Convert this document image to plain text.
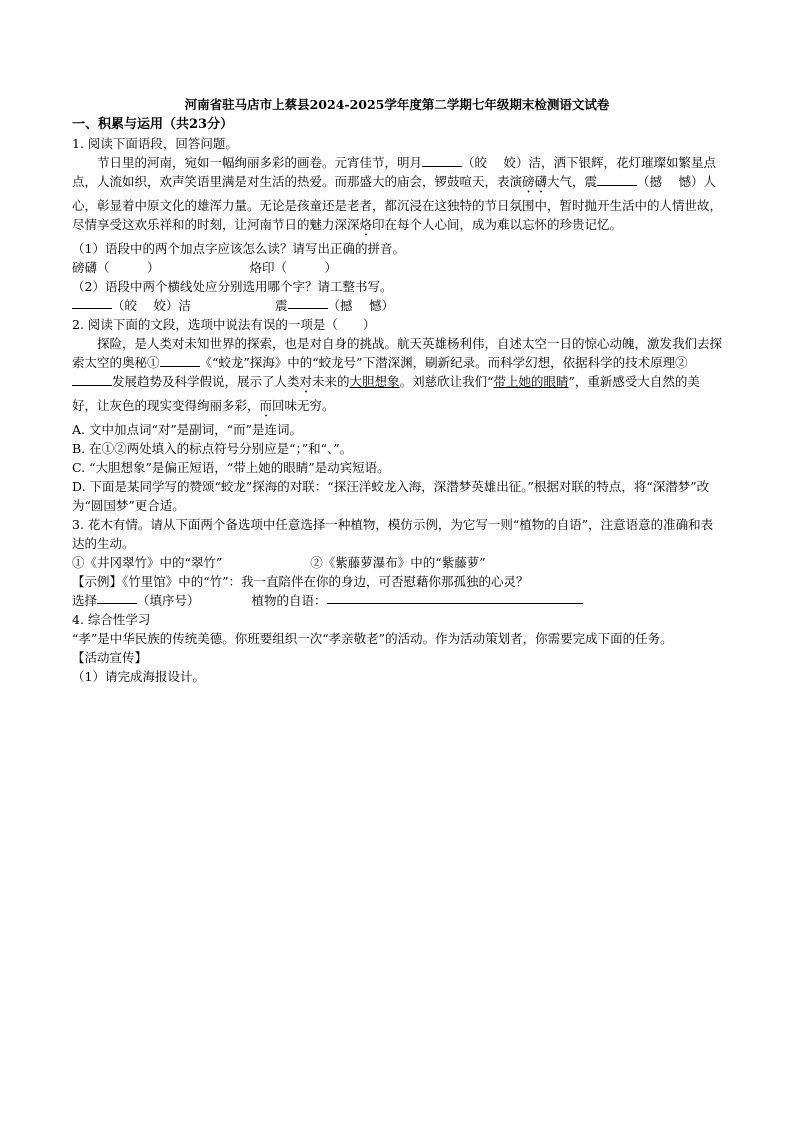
河南省驻马店市上蔡县2024-2025学年度第二学期七年级期末检测语文试卷
一、积累与运用（共23分）

1. 阅读下面语段，回答问题。

节日里的河南，宛如一幅绚丽多彩的画卷。元宵佳节，明月	（皎　 姣）洁，洒下银辉，花灯璀璨如繁星点点，人流如织，欢声笑语里满是对生活的热爱。而那盛大的庙会，锣鼓喧天，表演磅礴大气，震	（撼　 憾）人心，彰显着中原文化的雄浑力量。无论是孩童还是老者，都沉浸在这独特的节日氛围中，暂时抛开生活中的人情世故，尽情享受这欢乐祥和的时刻，让河南节日的魅力深深烙印在每个人心间，成为难以忘怀的珍贵记忆。

（1）语段中的两个加点字应该怎么读？请写出正确的拼音。

磅礴（　　　）	烙印（　　　）

（2）语段中两个横线处应分别选用哪个字？请工整书写。

（皎　 姣）洁	震	（撼　 憾）

2. 阅读下面的文段，选项中说法有误的一项是（　　）

探险，是人类对未知世界的探索，也是对自身的挑战。航天英雄杨利伟，自述太空一日的惊心动魄，激发我们去探索太空的奥秘①	《“蛟龙”探海》中的“蛟龙号”下潜深渊，刷新纪录。而科学幻想，依据科学的技术原理②发展趋势及科学假说，展示了人类对未来的大胆想象。刘慈欣让我们“带上她的眼睛”，重新感受大自然的美好，让灰色的现实变得绚丽多彩，而回味无穷。

A. 文中加点词“对”是副词，“而”是连词。

B. 在①②两处填入的标点符号分别应是“；”和“、”。

C. “大胆想象”是偏正短语，“带上她的眼睛”是动宾短语。

D. 下面是某同学写的赞颂“蛟龙”探海的对联：“探汪洋蛟龙入海，深潜梦英雄出征。”根据对联的特点，将“深潜梦”改为“圆国梦”更合适。

3. 花木有情。请从下面两个备选项中任意选择一种植物，模仿示例，为它写一则“植物的自语”，注意语意的准确和表达的生动。

①《井冈翠竹》中的“翠竹”	②《紫藤萝瀑布》中的“紫藤萝”

【示例】《竹里馆》中的“竹”：我一直陪伴在你的身边，可否慰藉你那孤独的心灵？

选择	（填序号）	植物的自语：

4. 综合性学习

“孝”是中华民族的传统美德。你班要组织一次“孝亲敬老”的活动。作为活动策划者，你需要完成下面的任务。

【活动宣传】

（1）请完成海报设计。
